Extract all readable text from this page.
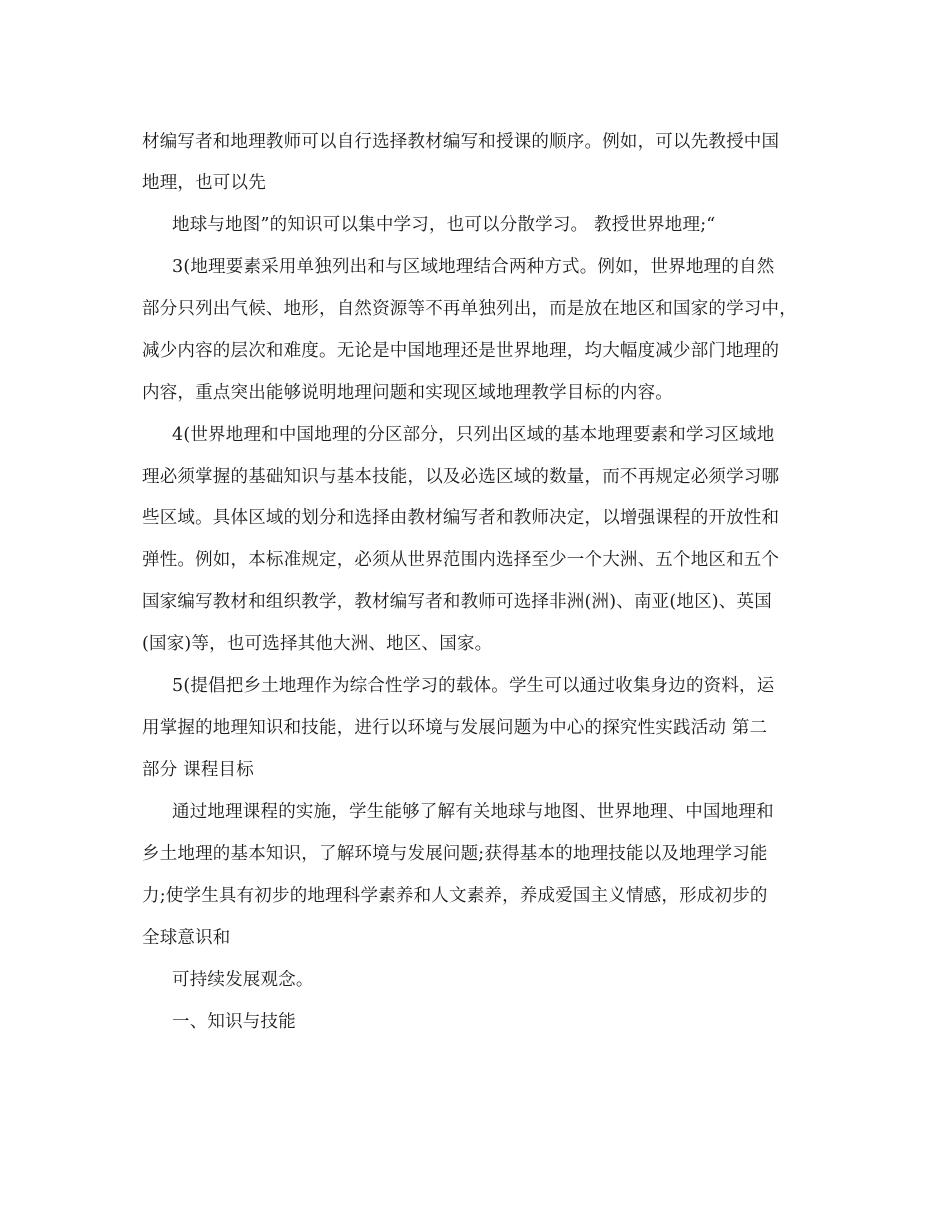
材编写者和地理教师可以自行选择教材编写和授课的顺序。例如，可以先教授中国
地理，也可以先
地球与地图”的知识可以集中学习，也可以分散学习。 教授世界地理;“
3(地理要素采用单独列出和与区域地理结合两种方式。例如，世界地理的自然
部分只列出气候、地形，自然资源等不再单独列出，而是放在地区和国家的学习中，
减少内容的层次和难度。无论是中国地理还是世界地理，均大幅度减少部门地理的
内容，重点突出能够说明地理问题和实现区域地理教学目标的内容。
4(世界地理和中国地理的分区部分，只列出区域的基本地理要素和学习区域地
理必须掌握的基础知识与基本技能，以及必选区域的数量，而不再规定必须学习哪
些区域。具体区域的划分和选择由教材编写者和教师决定，以增强课程的开放性和
弹性。例如，本标准规定，必须从世界范围内选择至少一个大洲、五个地区和五个
国家编写教材和组织教学，教材编写者和教师可选择非洲(洲)、南亚(地区)、英国
(国家)等，也可选择其他大洲、地区、国家。
5(提倡把乡土地理作为综合性学习的载体。学生可以通过收集身边的资料，运
用掌握的地理知识和技能，进行以环境与发展问题为中心的探究性实践活动 第二
部分 课程目标
通过地理课程的实施，学生能够了解有关地球与地图、世界地理、中国地理和
乡土地理的基本知识，了解环境与发展问题;获得基本的地理技能以及地理学习能
力;使学生具有初步的地理科学素养和人文素养，养成爱国主义情感，形成初步的
全球意识和
可持续发展观念。
一、知识与技能
